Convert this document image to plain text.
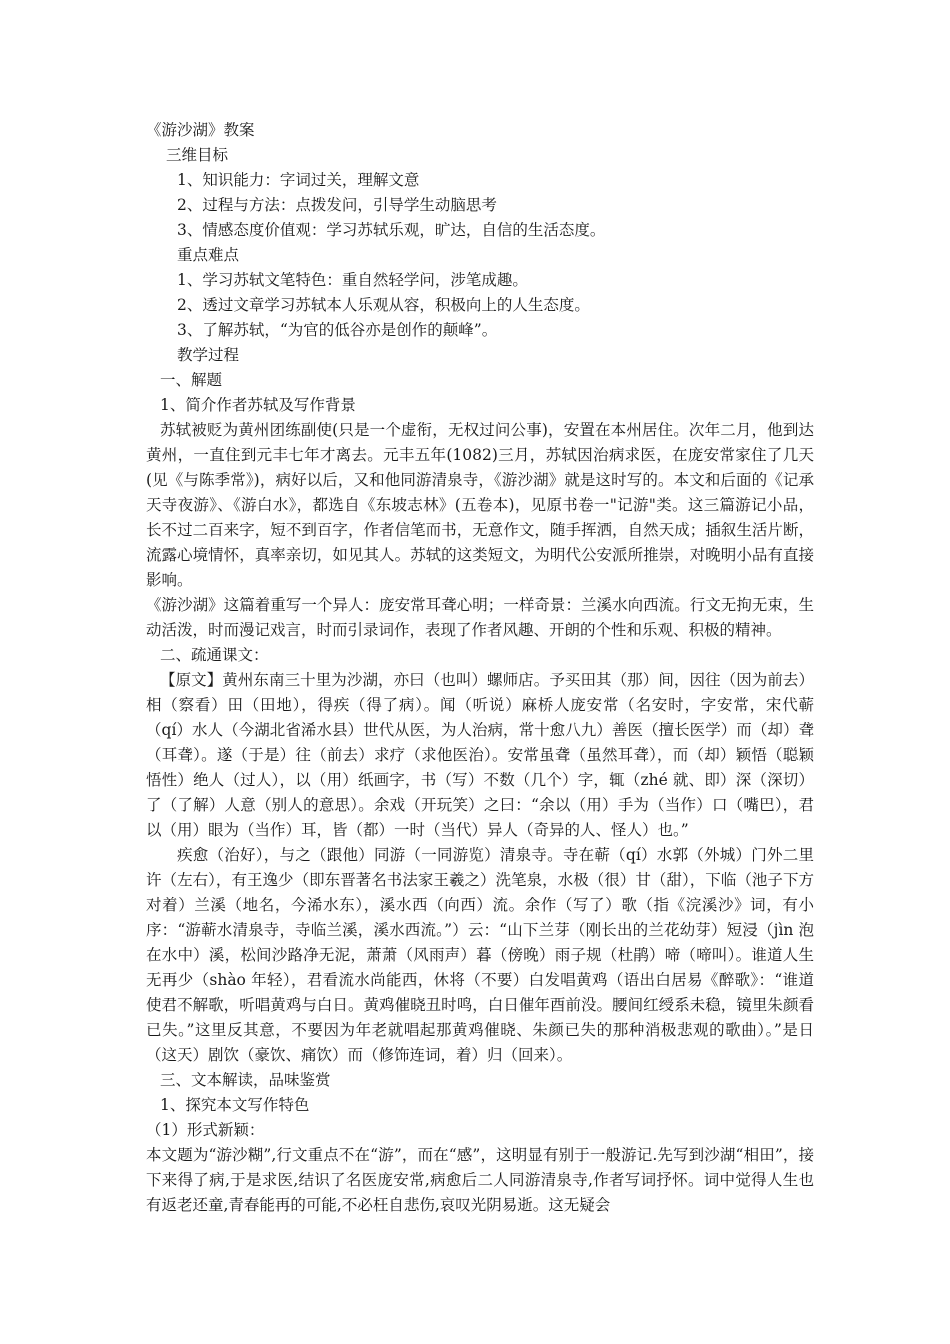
《游沙湖》教案
三维目标
1、知识能力：字词过关，理解文意
2、过程与方法：点拨发问，引导学生动脑思考
3、情感态度价值观：学习苏轼乐观，旷达，自信的生活态度。
重点难点
1、学习苏轼文笔特色：重自然轻学问，涉笔成趣。
2、透过文章学习苏轼本人乐观从容，积极向上的人生态度。
3、了解苏轼，“为官的低谷亦是创作的颠峰”。
教学过程
一、解题
1、简介作者苏轼及写作背景

苏轼被贬为黄州团练副使(只是一个虚衔，无权过问公事)，安置在本州居住。次年二月，他到达黄州，一直住到元丰七年才离去。元丰五年(1082)三月，苏轼因治病求医，在庞安常家住了几天(见《与陈季常》)，病好以后，又和他同游清泉寺，《游沙湖》就是这时写的。本文和后面的《记承天寺夜游》、《游白水》，都选自《东坡志林》(五卷本)，见原书卷一"记游"类。这三篇游记小品，长不过二百来字，短不到百字，作者信笔而书，无意作文，随手挥洒，自然天成；插叙生活片断，流露心境情怀，真率亲切，如见其人。苏轼的这类短文，为明代公安派所推崇，对晚明小品有直接影响。

《游沙湖》这篇着重写一个异人：庞安常耳聋心明；一样奇景：兰溪水向西流。行文无拘无束，生动活泼，时而漫记戏言，时而引录词作，表现了作者风趣、开朗的个性和乐观、积极的精神。

二、疏通课文：

【原文】黄州东南三十里为沙湖，亦曰（也叫）螺师店。予买田其（那）间，因往（因为前去）相（察看）田（田地），得疾（得了病）。闻（听说）麻桥人庞安常（名安时，字安常，宋代蕲（qí）水人（今湖北省浠水县）世代从医，为人治病，常十愈八九）善医（擅长医学）而（却）聋（耳聋）。遂（于是）往（前去）求疗（求他医治）。安常虽聋（虽然耳聋），而（却）颖悟（聪颖悟性）绝人（过人），以（用）纸画字，书（写）不数（几个）字，辄（zhé 就、即）深（深切）了（了解）人意（别人的意思）。余戏（开玩笑）之曰：“余以（用）手为（当作）口（嘴巴），君以（用）眼为（当作）耳，皆（都）一时（当代）异人（奇异的人、怪人）也。”

疾愈（治好），与之（跟他）同游（一同游览）清泉寺。寺在蕲（qí）水郭（外城）门外二里许（左右），有王逸少（即东晋著名书法家王羲之）洗笔泉，水极（很）甘（甜），下临（池子下方对着）兰溪（地名，今浠水东），溪水西（向西）流。余作（写了）歌（指《浣溪沙》词，有小序：“游蕲水清泉寺，寺临兰溪，溪水西流。”）云：“山下兰芽（刚长出的兰花幼芽）短浸（jìn 泡在水中）溪，松间沙路净无泥，萧萧（风雨声）暮（傍晚）雨子规（杜鹃）啼（啼叫）。谁道人生无再少（shào 年轻），君看流水尚能西，休将（不要）白发唱黄鸡（语出白居易《醉歌》：“谁道使君不解歌，听唱黄鸡与白日。黄鸡催晓丑时鸣，白日催年酉前没。腰间红绶系未稳，镜里朱颜看已失。”这里反其意，不要因为年老就唱起那黄鸡催晓、朱颜已失的那种消极悲观的歌曲）。”是日（这天）剧饮（豪饮、痛饮）而（修饰连词，着）归（回来）。

三、文本解读，品味鉴赏
1、探究本文写作特色
（1）形式新颖：

本文题为“游沙糊”,行文重点不在“游”，而在“感”，这明显有别于一般游记.先写到沙湖“相田”，接下来得了病,于是求医,结识了名医庞安常,病愈后二人同游清泉寺,作者写词抒怀。词中觉得人生也有返老还童,青春能再的可能,不必枉自悲伤,哀叹光阴易逝。这无疑会
